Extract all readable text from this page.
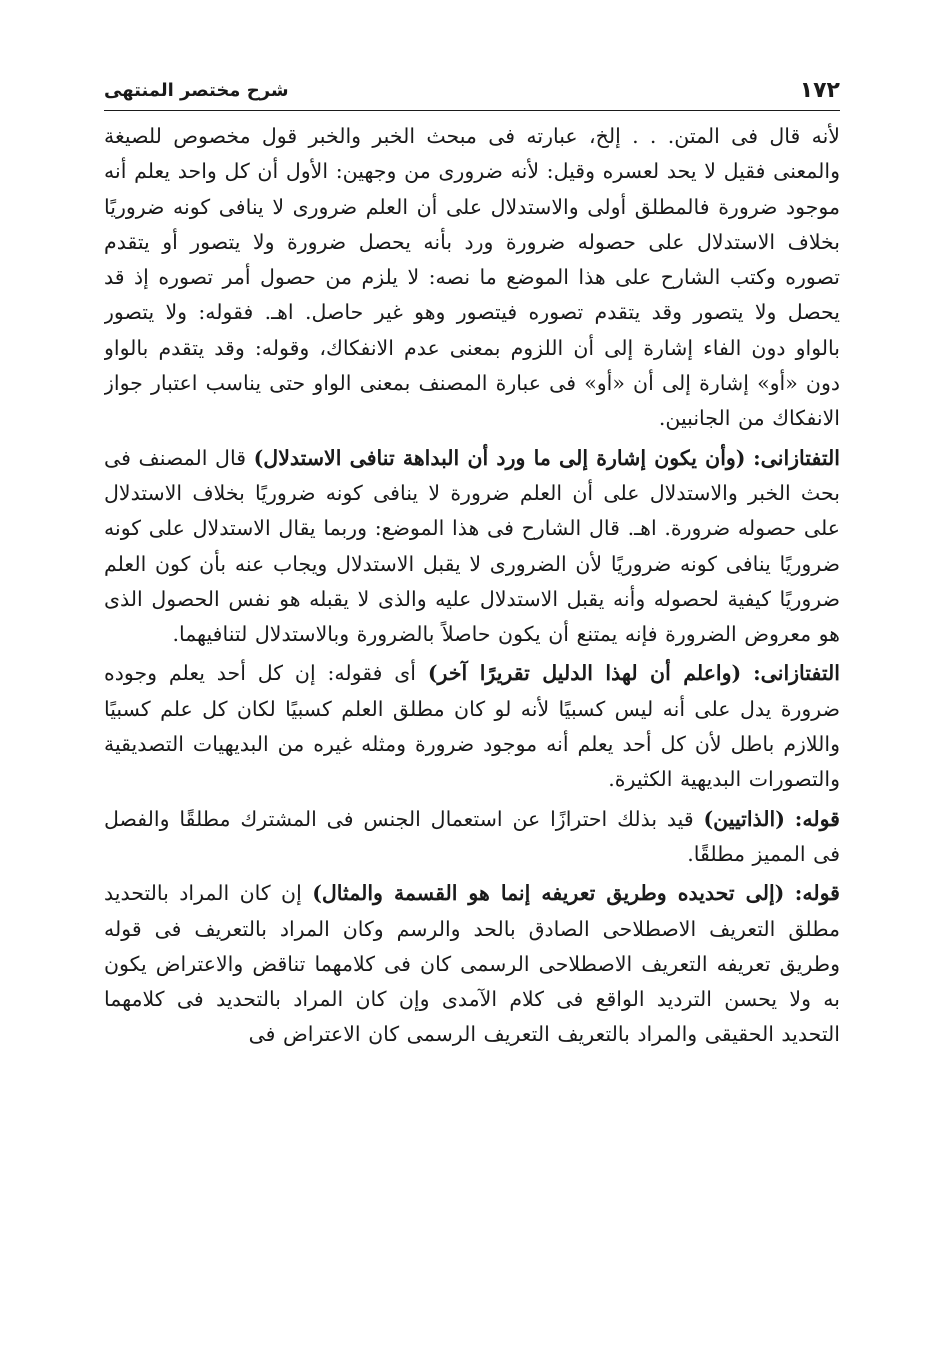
١٧٢
شرح مختصر المنتهى

لأنه قال فى المتن. . . إلخ، عبارته فى مبحث الخبر والخبر قول مخصوص للصيغة والمعنى فقيل لا يحد لعسره وقيل: لأنه ضرورى من وجهين: الأول أن كل واحد يعلم أنه موجود ضرورة فالمطلق أولى والاستدلال على أن العلم ضرورى لا ينافى كونه ضروريًا بخلاف الاستدلال على حصوله ضرورة ورد بأنه يحصل ضرورة ولا يتصور أو يتقدم تصوره وكتب الشارح على هذا الموضع ما نصه: لا يلزم من حصول أمر تصوره إذ قد يحصل ولا يتصور وقد يتقدم تصوره فيتصور وهو غير حاصل. اهـ. فقوله: ولا يتصور بالواو دون الفاء إشارة إلى أن اللزوم بمعنى عدم الانفكاك، وقوله: وقد يتقدم بالواو دون «أو» إشارة إلى أن «أو» فى عبارة المصنف بمعنى الواو حتى يناسب اعتبار جواز الانفكاك من الجانبين.

التفتازانى: (وأن يكون إشارة إلى ما ورد أن البداهة تنافى الاستدلال) قال المصنف فى بحث الخبر والاستدلال على أن العلم ضرورة لا ينافى كونه ضروريًا بخلاف الاستدلال على حصوله ضرورة. اهـ. قال الشارح فى هذا الموضع: وربما يقال الاستدلال على كونه ضروريًا ينافى كونه ضروريًا لأن الضرورى لا يقبل الاستدلال ويجاب عنه بأن كون العلم ضروريًا كيفية لحصوله وأنه يقبل الاستدلال عليه والذى لا يقبله هو نفس الحصول الذى هو معروض الضرورة فإنه يمتنع أن يكون حاصلاً بالضرورة وبالاستدلال لتنافيهما.

التفتازانى: (واعلم أن لهذا الدليل تقريرًا آخر) أى فقوله: إن كل أحد يعلم وجوده ضرورة يدل على أنه ليس كسبيًا لأنه لو كان مطلق العلم كسبيًا لكان كل علم كسبيًا واللازم باطل لأن كل أحد يعلم أنه موجود ضرورة ومثله غيره من البديهيات التصديقية والتصورات البديهية الكثيرة.

قوله: (الذاتيين) قيد بذلك احترازًا عن استعمال الجنس فى المشترك مطلقًا والفصل فى المميز مطلقًا.

قوله: (إلى تحديده وطريق تعريفه إنما هو القسمة والمثال) إن كان المراد بالتحديد مطلق التعريف الاصطلاحى الصادق بالحد والرسم وكان المراد بالتعريف فى قوله وطريق تعريفه التعريف الاصطلاحى الرسمى كان فى كلامهما تناقض والاعتراض يكون به ولا يحسن الترديد الواقع فى كلام الآمدى وإن كان المراد بالتحديد فى كلامهما التحديد الحقيقى والمراد بالتعريف التعريف الرسمى كان الاعتراض فى
